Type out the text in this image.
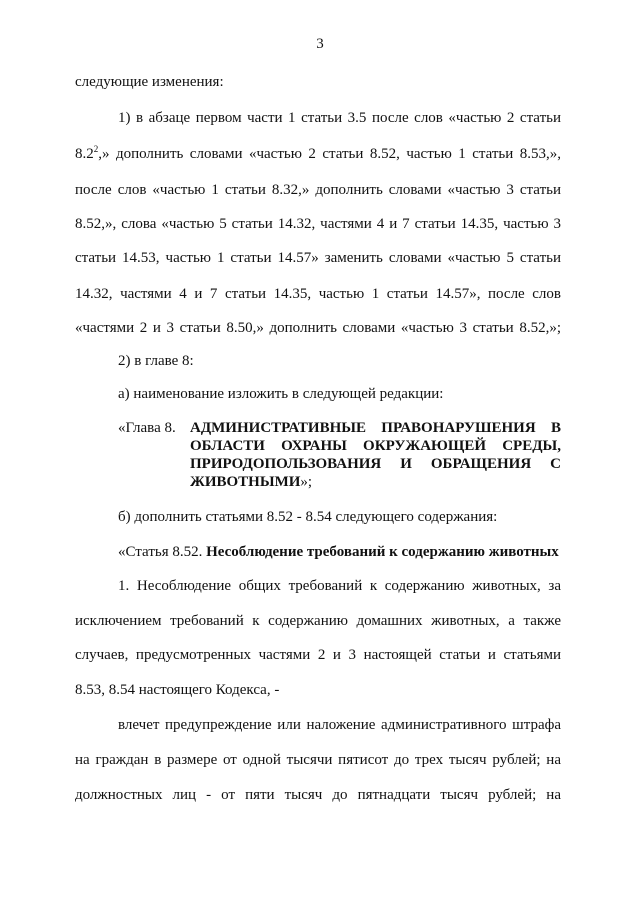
3
следующие изменения:
1) в абзаце первом части 1 статьи 3.5 после слов «частью 2 статьи
$8.2^2$,» дополнить словами «частью 2 статьи 8.52, частью 1 статьи 8.53,»,
после слов «частью 1 статьи 8.32,» дополнить словами «частью 3 статьи
8.52,», слова «частью 5 статьи 14.32, частями 4 и 7 статьи 14.35, частью 3
статьи 14.53, частью 1 статьи 14.57» заменить словами «частью 5 статьи
14.32, частями 4 и 7 статьи 14.35, частью 1 статьи 14.57», после слов
«частями 2 и 3 статьи 8.50,» дополнить словами «частью 3 статьи 8.52,»;
2) в главе 8:
а) наименование изложить в следующей редакции:
«Глава 8. АДМИНИСТРАТИВНЫЕ ПРАВОНАРУШЕНИЯ В
ОБЛАСТИ ОХРАНЫ ОКРУЖАЮЩЕЙ СРЕДЫ,
ПРИРОДОПОЛЬЗОВАНИЯ И ОБРАЩЕНИЯ С
ЖИВОТНЫМИ»;
б) дополнить статьями 8.52 - 8.54 следующего содержания:
«Статья 8.52. Несоблюдение требований к содержанию животных
1. Несоблюдение общих требований к содержанию животных, за
исключением требований к содержанию домашних животных, а также
случаев, предусмотренных частями 2 и 3 настоящей статьи и статьями
8.53, 8.54 настоящего Кодекса, -
влечет предупреждение или наложение административного штрафа
на граждан в размере от одной тысячи пятисот до трех тысяч рублей; на
должностных лиц - от пяти тысяч до пятнадцати тысяч рублей; на
